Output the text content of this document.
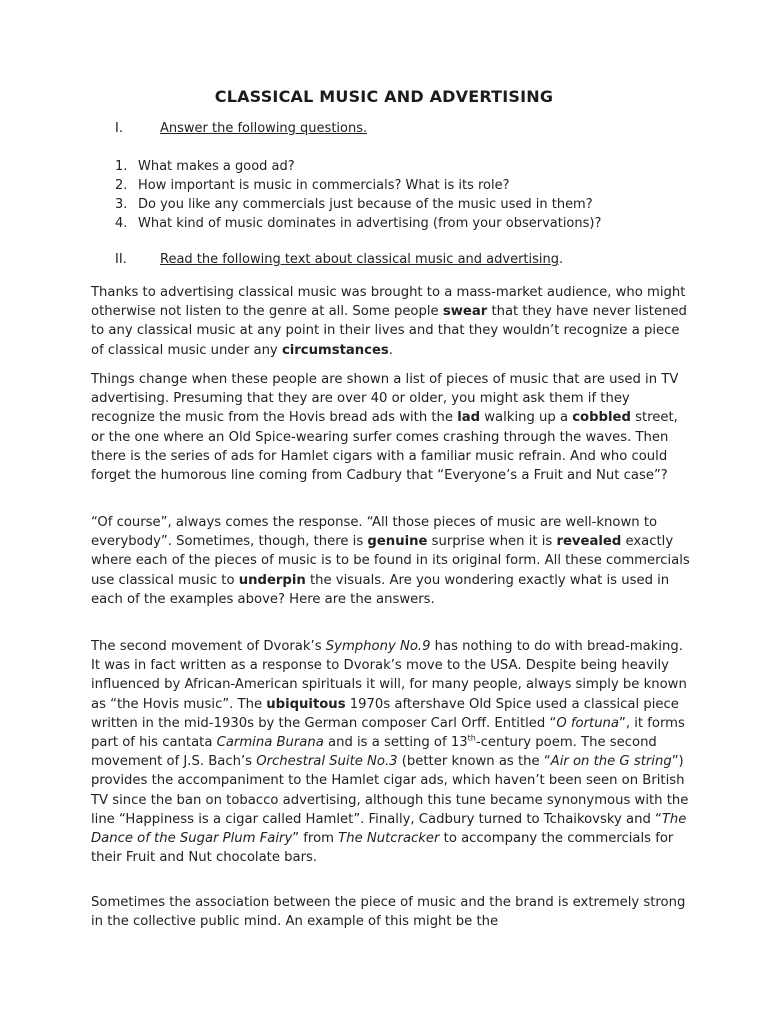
CLASSICAL MUSIC AND ADVERTISING
I.	Answer the following questions.
1. What makes a good ad?
2. How important is music in commercials? What is its role?
3. Do you like any commercials just because of the music used in them?
4. What kind of music dominates in advertising (from your observations)?
II.	Read the following text about classical music and advertising.

Thanks to advertising classical music was brought to a mass-market audience, who might otherwise not listen to the genre at all. Some people swear that they have never listened to any classical music at any point in their lives and that they wouldn’t recognize a piece of classical music under any circumstances.

Things change when these people are shown a list of pieces of music that are used in TV advertising. Presuming that they are over 40 or older, you might ask them if they recognize the music from the Hovis bread ads with the lad walking up a cobbled street, or the one where an Old Spice-wearing surfer comes crashing through the waves. Then there is the series of ads for Hamlet cigars with a familiar music refrain. And who could forget the humorous line coming from Cadbury that “Everyone’s a Fruit and Nut case”?

“Of course”, always comes the response. “All those pieces of music are well-known to everybody”. Sometimes, though, there is genuine surprise when it is revealed exactly where each of the pieces of music is to be found in its original form. All these commercials use classical music to underpin the visuals. Are you wondering exactly what is used in each of the examples above? Here are the answers.

The second movement of Dvorak’s Symphony No.9 has nothing to do with bread-making. It was in fact written as a response to Dvorak’s move to the USA. Despite being heavily influenced by African-American spirituals it will, for many people, always simply be known as “the Hovis music”. The ubiquitous 1970s aftershave Old Spice used a classical piece written in the mid-1930s by the German composer Carl Orff. Entitled “O fortuna”, it forms part of his cantata Carmina Burana and is a setting of 13th-century poem. The second movement of J.S. Bach’s Orchestral Suite No.3 (better known as the “Air on the G string”) provides the accompaniment to the Hamlet cigar ads, which haven’t been seen on British TV since the ban on tobacco advertising, although this tune became synonymous with the line “Happiness is a cigar called Hamlet”. Finally, Cadbury turned to Tchaikovsky and “The Dance of the Sugar Plum Fairy” from The Nutcracker to accompany the commercials for their Fruit and Nut chocolate bars.

Sometimes the association between the piece of music and the brand is extremely strong in the collective public mind. An example of this might be the
